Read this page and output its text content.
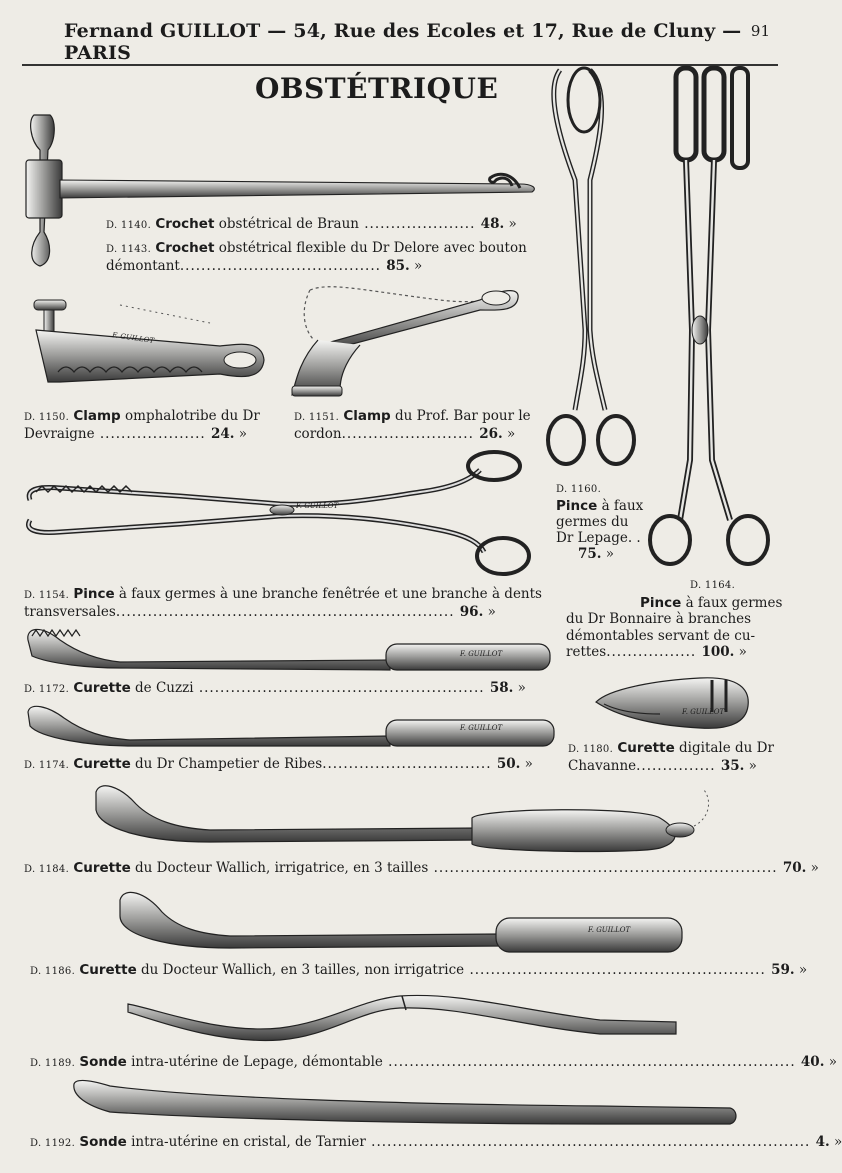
Fernand GUILLOT — 54, Rue des Ecoles et 17, Rue de Cluny — PARIS
91
OBSTÉTRIQUE
D. 1140. Crochet obstétrical de Braun ..................... 48. »
D. 1143. Crochet obstétrical flexible du Dr Delore avec bouton
démontant...................................... 85. »
D. 1150. Clamp omphalotribe du Dr
Devraigne .................... 24. »
D. 1151. Clamp du Prof. Bar pour le
cordon......................... 26. »
D. 1160.
Pince à faux
germes du
Dr Lepage. .
75. »
D. 1154. Pince à faux germes à une branche fenêtrée et une branche à dents
transversales................................................................ 96. »
D. 1164.
Pince à faux germes
du Dr Bonnaire à branches
démontables servant de cu-
rettes................. 100. »
D. 1172. Curette de Cuzzi ...................................................... 58. »
D. 1180. Curette digitale du Dr
Chavanne............... 35. »
D. 1174. Curette du Dr Champetier de Ribes................................ 50. »
D. 1184. Curette du Docteur Wallich, irrigatrice, en 3 tailles ................................................................. 70. »
D. 1186. Curette du Docteur Wallich, en 3 tailles, non irrigatrice ........................................................ 59. »
D. 1189. Sonde intra-utérine de Lepage, démontable ............................................................................. 40. »
D. 1192. Sonde intra-utérine en cristal, de Tarnier ................................................................................... 4. »
F. GUILLOT
F. GUILLOT
F. GUILLOT
F. GUILLOT
F. GUILLOT
F. GUILLOT
